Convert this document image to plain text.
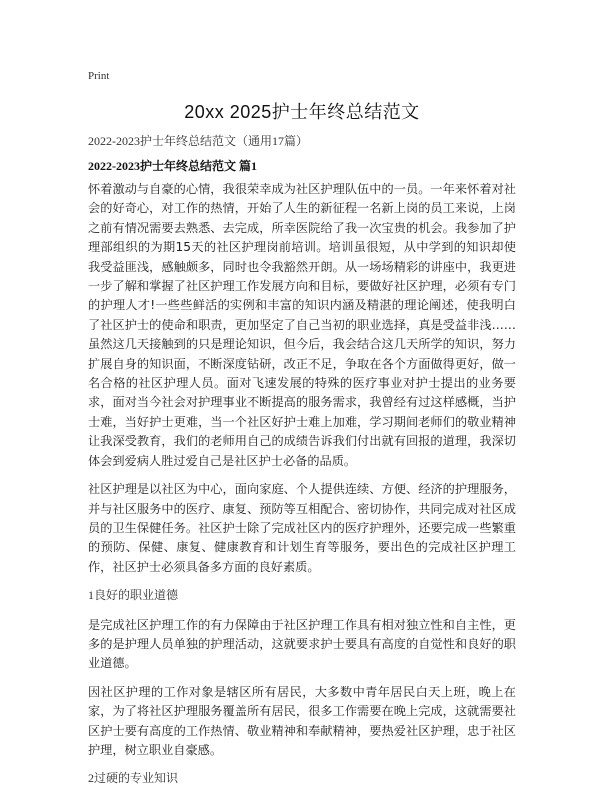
Print
20xx 2025护士年终总结范文
2022-2023护士年终总结范文（通用17篇）
2022-2023护士年终总结范文 篇1

怀着激动与自豪的心情，我很荣幸成为社区护理队伍中的一员。一年来怀着对社会的好奇心，对工作的热情，开始了人生的新征程一名新上岗的员工来说，上岗之前有情况需要去熟悉、去完成，所幸医院给了我一次宝贵的机会。我参加了护理部组织的为期15天的社区护理岗前培训。培训虽很短，从中学到的知识却使我受益匪浅，感触颇多，同时也令我豁然开朗。从一场场精彩的讲座中，我更进一步了解和掌握了社区护理工作发展方向和目标，要做好社区护理，必须有专门的护理人才!一些些鲜活的实例和丰富的知识内涵及精湛的理论阐述，使我明白了社区护士的使命和职责，更加坚定了自己当初的职业选择，真是受益非浅……虽然这几天接触到的只是理论知识，但今后，我会结合这几天所学的知识，努力扩展自身的知识面，不断深度钻研，改正不足，争取在各个方面做得更好，做一名合格的社区护理人员。面对飞速发展的特殊的医疗事业对护士提出的业务要求，面对当今社会对护理事业不断提高的服务需求，我曾经有过这样感概，当护士难，当好护士更难，当一个社区好护士难上加难，学习期间老师们的敬业精神让我深受教育，我们的老师用自己的成绩告诉我们付出就有回报的道理，我深切体会到爱病人胜过爱自己是社区护士必备的品质。

社区护理是以社区为中心，面向家庭、个人提供连续、方便、经济的护理服务，并与社区服务中的医疗、康复、预防等互相配合、密切协作，共同完成对社区成员的卫生保健任务。社区护士除了完成社区内的医疗护理外，还要完成一些繁重的预防、保健、康复、健康教育和计划生育等服务，要出色的完成社区护理工作，社区护士必须具备多方面的良好素质。

1良好的职业道德

是完成社区护理工作的有力保障由于社区护理工作具有相对独立性和自主性，更多的是护理人员单独的护理活动，这就要求护士要具有高度的自觉性和良好的职业道德。

因社区护理的工作对象是辖区所有居民，大多数中青年居民白天上班，晚上在家，为了将社区护理服务覆盖所有居民，很多工作需要在晚上完成，这就需要社区护士要有高度的工作热情、敬业精神和奉献精神，要热爱社区护理，忠于社区护理，树立职业自豪感。

2过硬的专业知识
